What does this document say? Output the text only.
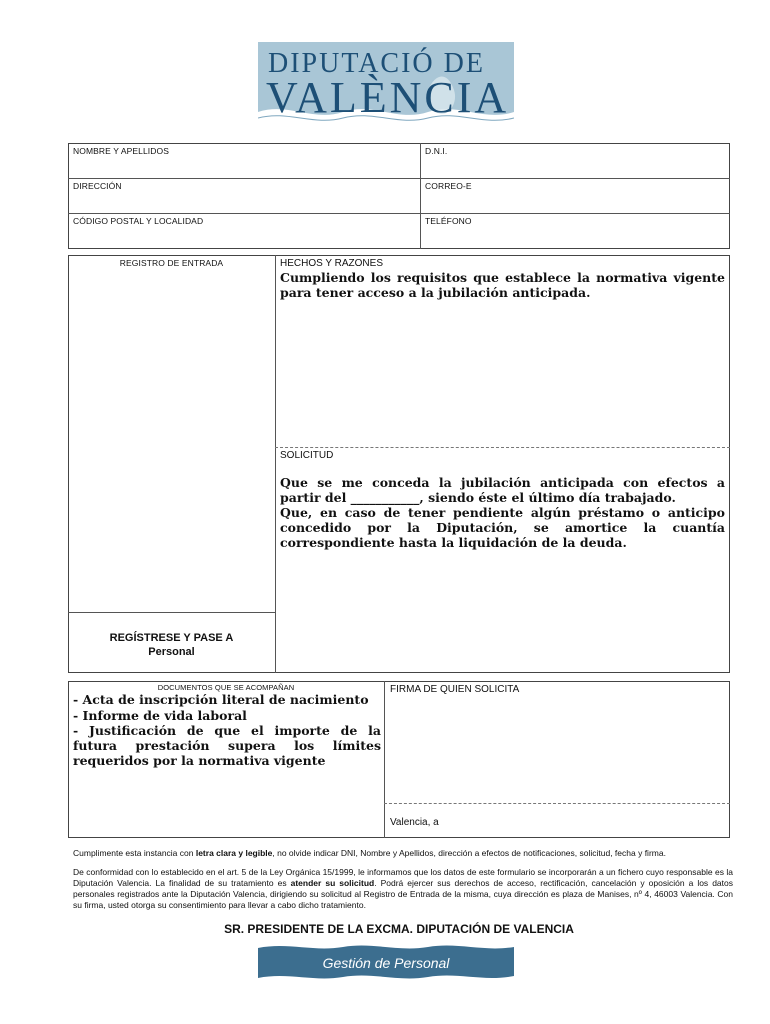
DIPUTACIÓ DE
VALÈNCIA
NOMBRE Y APELLIDOS	D.N.I.
DIRECCIÓN	CORREO-E
CÓDIGO POSTAL Y LOCALIDAD	TELÉFONO
REGISTRO DE ENTRADA
REGÍSTRESE Y PASE A
Personal
HECHOS Y RAZONES
Cumpliendo los requisitos que establece la normativa vigente para tener acceso a la jubilación anticipada.
SOLICITUD
Que se me conceda la jubilación anticipada con efectos a partir del ___________, siendo éste el último día trabajado.
Que, en caso de tener pendiente algún préstamo o anticipo concedido por la Diputación, se amortice la cuantía correspondiente hasta la liquidación de la deuda.
DOCUMENTOS QUE SE ACOMPAÑAN
- Acta de inscripción literal de nacimiento
- Informe de vida laboral
- Justificación de que el importe de la futura prestación supera los límites requeridos por la normativa vigente
FIRMA DE QUIEN SOLICITA
Valencia, a
Cumplimente esta instancia con letra clara y legible, no olvide indicar DNI, Nombre y Apellidos, dirección a efectos de notificaciones, solicitud, fecha y firma.
De conformidad con lo establecido en el art. 5 de la Ley Orgánica 15/1999, le informamos que los datos de este formulario se incorporarán a un fichero cuyo responsable es la Diputación Valencia. La finalidad de su tratamiento es atender su solicitud. Podrá ejercer sus derechos de acceso, rectificación, cancelación y oposición a los datos personales registrados ante la Diputación Valencia, dirigiendo su solicitud al Registro de Entrada de la misma, cuya dirección es plaza de Manises, nº 4, 46003 Valencia. Con su firma, usted otorga su consentimiento para llevar a cabo dicho tratamiento.
SR. PRESIDENTE DE LA EXCMA. DIPUTACIÓN DE VALENCIA
Gestión de Personal
